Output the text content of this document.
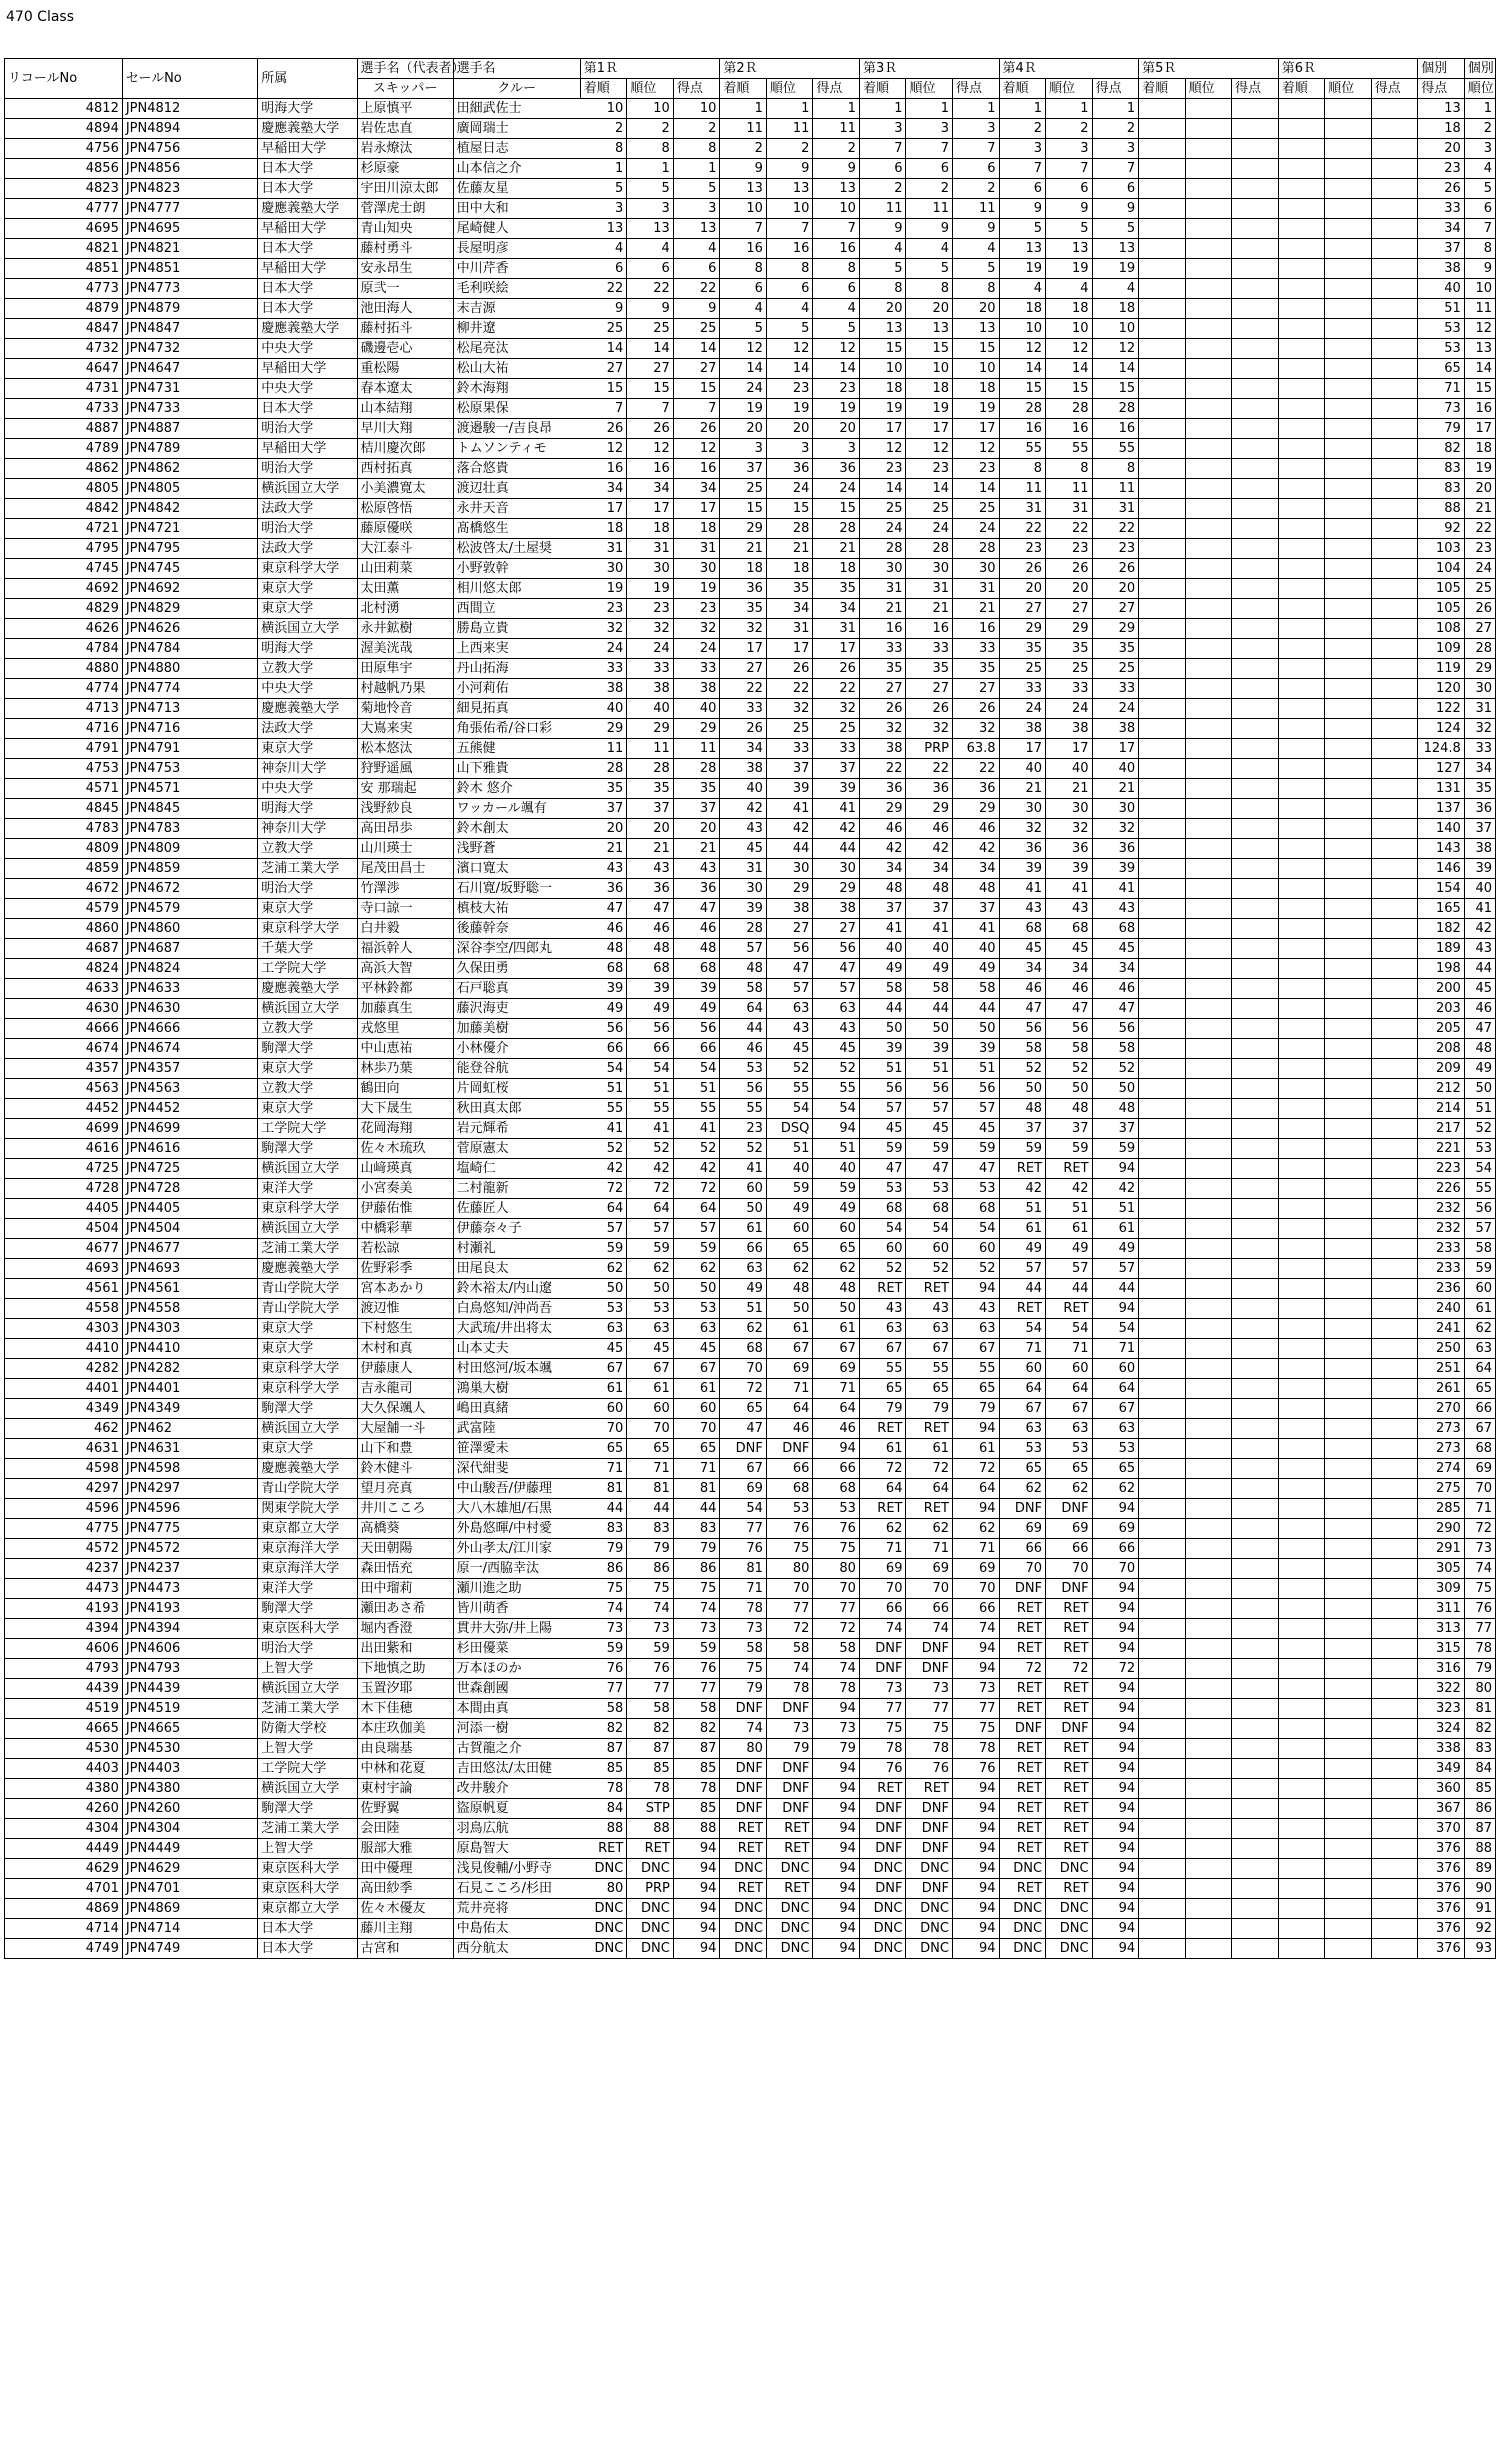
470 Class
リコールNo	セールNo	所属	選手名（代表者）	選手名	第1Ｒ			第2Ｒ			第3Ｒ			第4Ｒ			第5Ｒ			第6Ｒ			個別	個別
			スキッパー	クルー	着順	順位	得点	着順	順位	得点	着順	順位	得点	着順	順位	得点	着順	順位	得点	着順	順位	得点	得点	順位
4812	JPN4812	明海大学	上原慎平	田細武佐士	10	10	10	1	1	1	1	1	1	1	1	1							13	1
4894	JPN4894	慶應義塾大学	岩佐忠直	廣岡瑞士	2	2	2	11	11	11	3	3	3	2	2	2							18	2
4756	JPN4756	早稲田大学	岩永燎汰	植屋日志	8	8	8	2	2	2	7	7	7	3	3	3							20	3
4856	JPN4856	日本大学	杉原豪	山本信之介	1	1	1	9	9	9	6	6	6	7	7	7							23	4
4823	JPN4823	日本大学	宇田川涼太郎	佐藤友星	5	5	5	13	13	13	2	2	2	6	6	6							26	5
4777	JPN4777	慶應義塾大学	菅澤虎士朗	田中大和	3	3	3	10	10	10	11	11	11	9	9	9							33	6
4695	JPN4695	早稲田大学	青山知央	尾崎健人	13	13	13	7	7	7	9	9	9	5	5	5							34	7
4821	JPN4821	日本大学	藤村勇斗	長屋明彦	4	4	4	16	16	16	4	4	4	13	13	13							37	8
4851	JPN4851	早稲田大学	安永昂生	中川芹香	6	6	6	8	8	8	5	5	5	19	19	19							38	9
4773	JPN4773	日本大学	原弐一	毛利咲絵	22	22	22	6	6	6	8	8	8	4	4	4							40	10
4879	JPN4879	日本大学	池田海人	末吉源	9	9	9	4	4	4	20	20	20	18	18	18							51	11
4847	JPN4847	慶應義塾大学	藤村拓斗	柳井遼	25	25	25	5	5	5	13	13	13	10	10	10							53	12
4732	JPN4732	中央大学	磯邊壱心	松尾亮汰	14	14	14	12	12	12	15	15	15	12	12	12							53	13
4647	JPN4647	早稲田大学	重松陽	松山大祐	27	27	27	14	14	14	10	10	10	14	14	14							65	14
4731	JPN4731	中央大学	春本遼太	鈴木海翔	15	15	15	24	23	23	18	18	18	15	15	15							71	15
4733	JPN4733	日本大学	山本結翔	松原果保	7	7	7	19	19	19	19	19	19	28	28	28							73	16
4887	JPN4887	明治大学	早川大翔	渡邉駿一/吉良昂	26	26	26	20	20	20	17	17	17	16	16	16							79	17
4789	JPN4789	早稲田大学	桔川慶次郎	トムソンティモ	12	12	12	3	3	3	12	12	12	55	55	55							82	18
4862	JPN4862	明治大学	西村拓真	落合悠貴	16	16	16	37	36	36	23	23	23	8	8	8							83	19
4805	JPN4805	横浜国立大学	小美濃寛太	渡辺壮真	34	34	34	25	24	24	14	14	14	11	11	11							83	20
4842	JPN4842	法政大学	松原啓悟	永井天音	17	17	17	15	15	15	25	25	25	31	31	31							88	21
4721	JPN4721	明治大学	藤原優咲	髙橋悠生	18	18	18	29	28	28	24	24	24	22	22	22							92	22
4795	JPN4795	法政大学	大江泰斗	松波啓太/土屋奨	31	31	31	21	21	21	28	28	28	23	23	23							103	23
4745	JPN4745	東京科学大学	山田莉菜	小野敦幹	30	30	30	18	18	18	30	30	30	26	26	26							104	24
4692	JPN4692	東京大学	太田薫	相川悠太郎	19	19	19	36	35	35	31	31	31	20	20	20							105	25
4829	JPN4829	東京大学	北村湧	西間立	23	23	23	35	34	34	21	21	21	27	27	27							105	26
4626	JPN4626	横浜国立大学	永井鉱樹	勝島立貴	32	32	32	32	31	31	16	16	16	29	29	29							108	27
4784	JPN4784	明海大学	渥美洸哉	上西来実	24	24	24	17	17	17	33	33	33	35	35	35							109	28
4880	JPN4880	立教大学	田原隼宇	丹山拓海	33	33	33	27	26	26	35	35	35	25	25	25							119	29
4774	JPN4774	中央大学	村越帆乃果	小河莉佑	38	38	38	22	22	22	27	27	27	33	33	33							120	30
4713	JPN4713	慶應義塾大学	菊地怜音	細見拓真	40	40	40	33	32	32	26	26	26	24	24	24							122	31
4716	JPN4716	法政大学	大嶌来実	角張佑希/谷口彩	29	29	29	26	25	25	32	32	32	38	38	38							124	32
4791	JPN4791	東京大学	松本悠汰	五熊健	11	11	11	34	33	33	38	PRP	63.8	17	17	17							124.8	33
4753	JPN4753	神奈川大学	狩野遥風	山下雅貴	28	28	28	38	37	37	22	22	22	40	40	40							127	34
4571	JPN4571	中央大学	安 那瑞起	鈴木 悠介	35	35	35	40	39	39	36	36	36	21	21	21							131	35
4845	JPN4845	明海大学	浅野紗良	ワッカール颯有	37	37	37	42	41	41	29	29	29	30	30	30							137	36
4783	JPN4783	神奈川大学	高田昂歩	鈴木創太	20	20	20	43	42	42	46	46	46	32	32	32							140	37
4809	JPN4809	立教大学	山川瑛士	浅野蒼	21	21	21	45	44	44	42	42	42	36	36	36							143	38
4859	JPN4859	芝浦工業大学	尾茂田昌士	濱口寛太	43	43	43	31	30	30	34	34	34	39	39	39							146	39
4672	JPN4672	明治大学	竹澤渉	石川寛/坂野聡一	36	36	36	30	29	29	48	48	48	41	41	41							154	40
4579	JPN4579	東京大学	寺口諒一	槙枝大祐	47	47	47	39	38	38	37	37	37	43	43	43							165	41
4860	JPN4860	東京科学大学	白井毅	後藤幹奈	46	46	46	28	27	27	41	41	41	68	68	68							182	42
4687	JPN4687	千葉大学	福浜幹人	深谷李空/四郎丸	48	48	48	57	56	56	40	40	40	45	45	45							189	43
4824	JPN4824	工学院大学	高浜大智	久保田勇	68	68	68	48	47	47	49	49	49	34	34	34							198	44
4633	JPN4633	慶應義塾大学	平林鈴都	石戸聡真	39	39	39	58	57	57	58	58	58	46	46	46							200	45
4630	JPN4630	横浜国立大学	加藤真生	藤沢海吏	49	49	49	64	63	63	44	44	44	47	47	47							203	46
4666	JPN4666	立教大学	戎悠里	加藤美樹	56	56	56	44	43	43	50	50	50	56	56	56							205	47
4674	JPN4674	駒澤大学	中山恵祐	小林優介	66	66	66	46	45	45	39	39	39	58	58	58							208	48
4357	JPN4357	東京大学	林歩乃葉	能登谷航	54	54	54	53	52	52	51	51	51	52	52	52							209	49
4563	JPN4563	立教大学	鶴田向	片岡虹桜	51	51	51	56	55	55	56	56	56	50	50	50							212	50
4452	JPN4452	東京大学	大下晟生	秋田真太郎	55	55	55	55	54	54	57	57	57	48	48	48							214	51
4699	JPN4699	工学院大学	花岡海翔	岩元輝希	41	41	41	23	DSQ	94	45	45	45	37	37	37							217	52
4616	JPN4616	駒澤大学	佐々木琉玖	菅原憲太	52	52	52	52	51	51	59	59	59	59	59	59							221	53
4725	JPN4725	横浜国立大学	山﨑瑛真	塩崎仁	42	42	42	41	40	40	47	47	47	RET	RET	94							223	54
4728	JPN4728	東洋大学	小宮奏美	二村龍新	72	72	72	60	59	59	53	53	53	42	42	42							226	55
4405	JPN4405	東京科学大学	伊藤佑惟	佐藤匠人	64	64	64	50	49	49	68	68	68	51	51	51							232	56
4504	JPN4504	横浜国立大学	中橋彩華	伊藤奈々子	57	57	57	61	60	60	54	54	54	61	61	61							232	57
4677	JPN4677	芝浦工業大学	若松諒	村瀬礼	59	59	59	66	65	65	60	60	60	49	49	49							233	58
4693	JPN4693	慶應義塾大学	佐野彩季	田尾良太	62	62	62	63	62	62	52	52	52	57	57	57							233	59
4561	JPN4561	青山学院大学	宮本あかり	鈴木裕太/内山遼	50	50	50	49	48	48	RET	RET	94	44	44	44							236	60
4558	JPN4558	青山学院大学	渡辺惟	白鳥悠知/沖尚吾	53	53	53	51	50	50	43	43	43	RET	RET	94							240	61
4303	JPN4303	東京大学	下村悠生	大武琉/井出将太	63	63	63	62	61	61	63	63	63	54	54	54							241	62
4410	JPN4410	東京大学	木村和真	山本丈夫	45	45	45	68	67	67	67	67	67	71	71	71							250	63
4282	JPN4282	東京科学大学	伊藤康人	村田悠河/坂本颯	67	67	67	70	69	69	55	55	55	60	60	60							251	64
4401	JPN4401	東京科学大学	吉永龍司	鴻巣大樹	61	61	61	72	71	71	65	65	65	64	64	64							261	65
4349	JPN4349	駒澤大学	大久保颯人	嶋田真緒	60	60	60	65	64	64	79	79	79	67	67	67							270	66
462	JPN462	横浜国立大学	大屋舗一斗	武富陸	70	70	70	47	46	46	RET	RET	94	63	63	63							273	67
4631	JPN4631	東京大学	山下和豊	笹澤愛未	65	65	65	DNF	DNF	94	61	61	61	53	53	53							273	68
4598	JPN4598	慶應義塾大学	鈴木健斗	深代紺斐	71	71	71	67	66	66	72	72	72	65	65	65							274	69
4297	JPN4297	青山学院大学	望月亮真	中山駿吾/伊藤理	81	81	81	69	68	68	64	64	64	62	62	62							275	70
4596	JPN4596	関東学院大学	井川こころ	大八木雄旭/石黒	44	44	44	54	53	53	RET	RET	94	DNF	DNF	94							285	71
4775	JPN4775	東京都立大学	高橋葵	外島悠暉/中村愛	83	83	83	77	76	76	62	62	62	69	69	69							290	72
4572	JPN4572	東京海洋大学	天田朝陽	外山孝太/江川家	79	79	79	76	75	75	71	71	71	66	66	66							291	73
4237	JPN4237	東京海洋大学	森田悟充	原一/西脇幸汰	86	86	86	81	80	80	69	69	69	70	70	70							305	74
4473	JPN4473	東洋大学	田中瑠莉	瀬川進之助	75	75	75	71	70	70	70	70	70	DNF	DNF	94							309	75
4193	JPN4193	駒澤大学	瀬田あさ希	皆川萌香	74	74	74	78	77	77	66	66	66	RET	RET	94							311	76
4394	JPN4394	東京医科大学	堀内香澄	貫井大弥/井上陽	73	73	73	73	72	72	74	74	74	RET	RET	94							313	77
4606	JPN4606	明治大学	出田紫和	杉田優菜	59	59	59	58	58	58	DNF	DNF	94	RET	RET	94							315	78
4793	JPN4793	上智大学	下地慎之助	万本ほのか	76	76	76	75	74	74	DNF	DNF	94	72	72	72							316	79
4439	JPN4439	横浜国立大学	玉置汐耶	世森創國	77	77	77	79	78	78	73	73	73	RET	RET	94							322	80
4519	JPN4519	芝浦工業大学	木下佳穂	本間由真	58	58	58	DNF	DNF	94	77	77	77	RET	RET	94							323	81
4665	JPN4665	防衛大学校	本庄玖伽美	河添一樹	82	82	82	74	73	73	75	75	75	DNF	DNF	94							324	82
4530	JPN4530	上智大学	由良瑞基	古賀龍之介	87	87	87	80	79	79	78	78	78	RET	RET	94							338	83
4403	JPN4403	工学院大学	中林和花夏	吉田悠汰/太田健	85	85	85	DNF	DNF	94	76	76	76	RET	RET	94							349	84
4380	JPN4380	横浜国立大学	東村宇論	改井駿介	78	78	78	DNF	DNF	94	RET	RET	94	RET	RET	94							360	85
4260	JPN4260	駒澤大学	佐野翼	盜原帆夏	84	STP	85	DNF	DNF	94	DNF	DNF	94	RET	RET	94							367	86
4304	JPN4304	芝浦工業大学	会田陸	羽鳥広航	88	88	88	RET	RET	94	DNF	DNF	94	RET	RET	94							370	87
4449	JPN4449	上智大学	服部大雅	原島智大	RET	RET	94	RET	RET	94	DNF	DNF	94	RET	RET	94							376	88
4629	JPN4629	東京医科大学	田中優理	浅見俊輔/小野寺	DNC	DNC	94	DNC	DNC	94	DNC	DNC	94	DNC	DNC	94							376	89
4701	JPN4701	東京医科大学	高田紗季	石見こころ/杉田	80	PRP	94	RET	RET	94	DNF	DNF	94	RET	RET	94							376	90
4869	JPN4869	東京都立大学	佐々木優友	荒井亮将	DNC	DNC	94	DNC	DNC	94	DNC	DNC	94	DNC	DNC	94							376	91
4714	JPN4714	日本大学	藤川主翔	中島佑太	DNC	DNC	94	DNC	DNC	94	DNC	DNC	94	DNC	DNC	94							376	92
4749	JPN4749	日本大学	古宮和	西分航太	DNC	DNC	94	DNC	DNC	94	DNC	DNC	94	DNC	DNC	94							376	93
